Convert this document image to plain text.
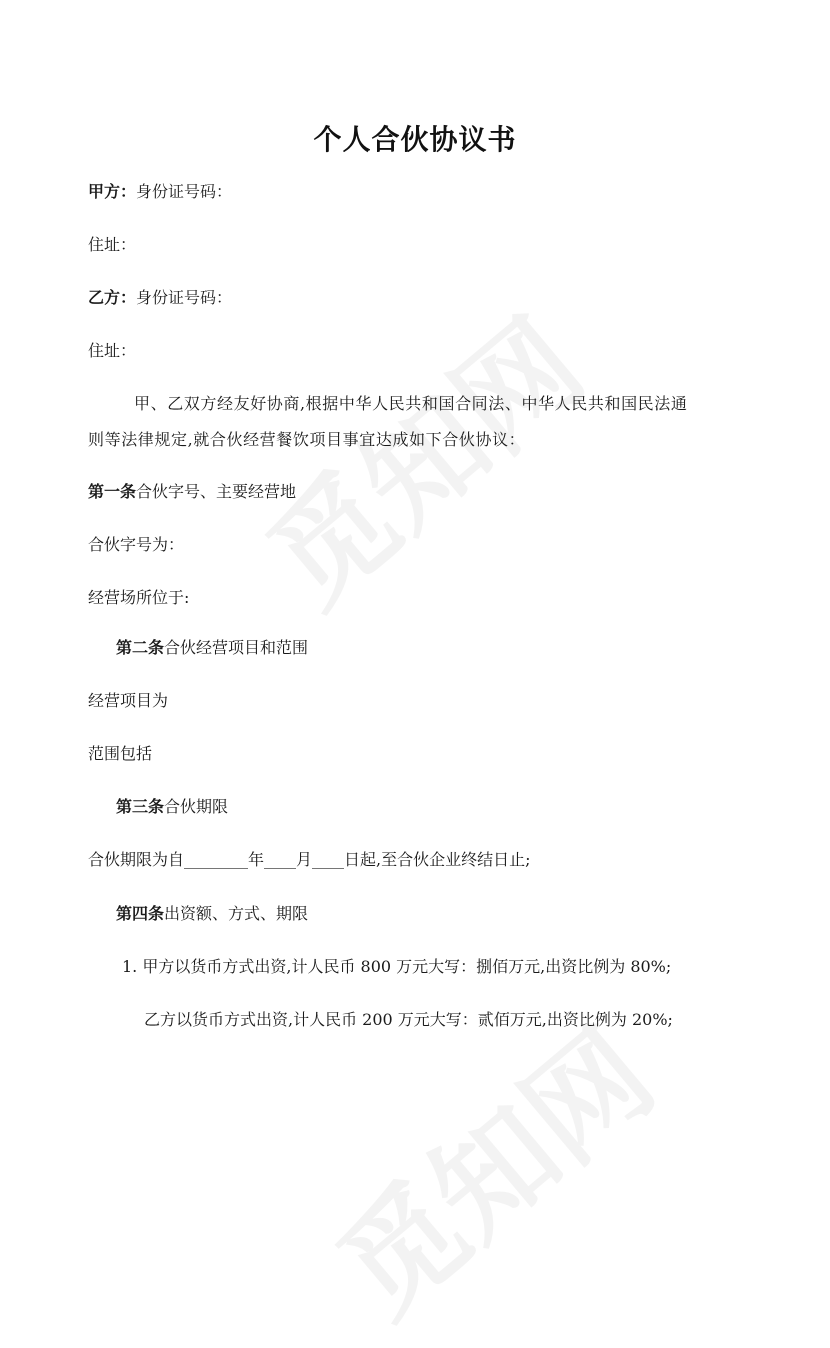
个人合伙协议书
甲方：身份证号码：
住址：
乙方：身份证号码：
住址：
甲、乙双方经友好协商,根据中华人民共和国合同法、中华人民共和国民法通
则等法律规定,就合伙经营餐饮项目事宜达成如下合伙协议：
第一条合伙字号、主要经营地
合伙字号为：
经营场所位于:
第二条合伙经营项目和范围
经营项目为
范围包括
第三条合伙期限
合伙期限为自________年____月____日起,至合伙企业终结日止;
第四条出资额、方式、期限
1. 甲方以货币方式出资,计人民币 800 万元大写：捌佰万元,出资比例为 80%;
乙方以货币方式出资,计人民币 200 万元大写：贰佰万元,出资比例为 20%;
